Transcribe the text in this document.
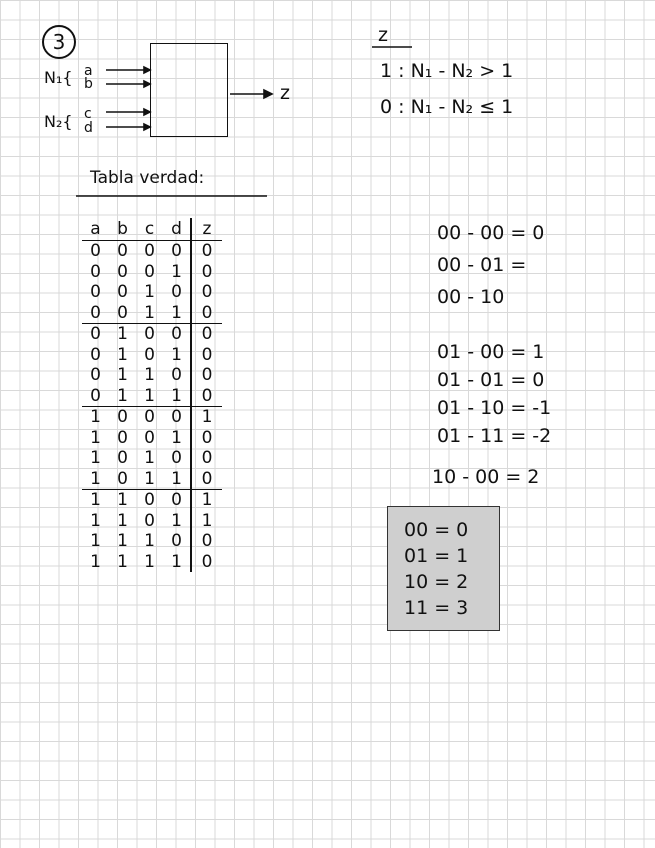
3
N₁{
N₂{
a
b
c
d
z
z
1 : N₁ - N₂ > 1
0 : N₁ - N₂ ≤ 1
Tabla verdad:
a	b	c	d	z
0	0	0	0	0
0	0	0	1	0
0	0	1	0	0
0	0	1	1	0
0	1	0	0	0
0	1	0	1	0
0	1	1	0	0
0	1	1	1	0
1	0	0	0	1
1	0	0	1	0
1	0	1	0	0
1	0	1	1	0
1	1	0	0	1
1	1	0	1	1
1	1	1	0	0
1	1	1	1	0
00 - 00 = 0
00 - 01 =
00 - 10
01 - 00 = 1
01 - 01 = 0
01 - 10 = -1
01 - 11 = -2
10 - 00 = 2
00 = 0
01 = 1
10 = 2
11 = 3
